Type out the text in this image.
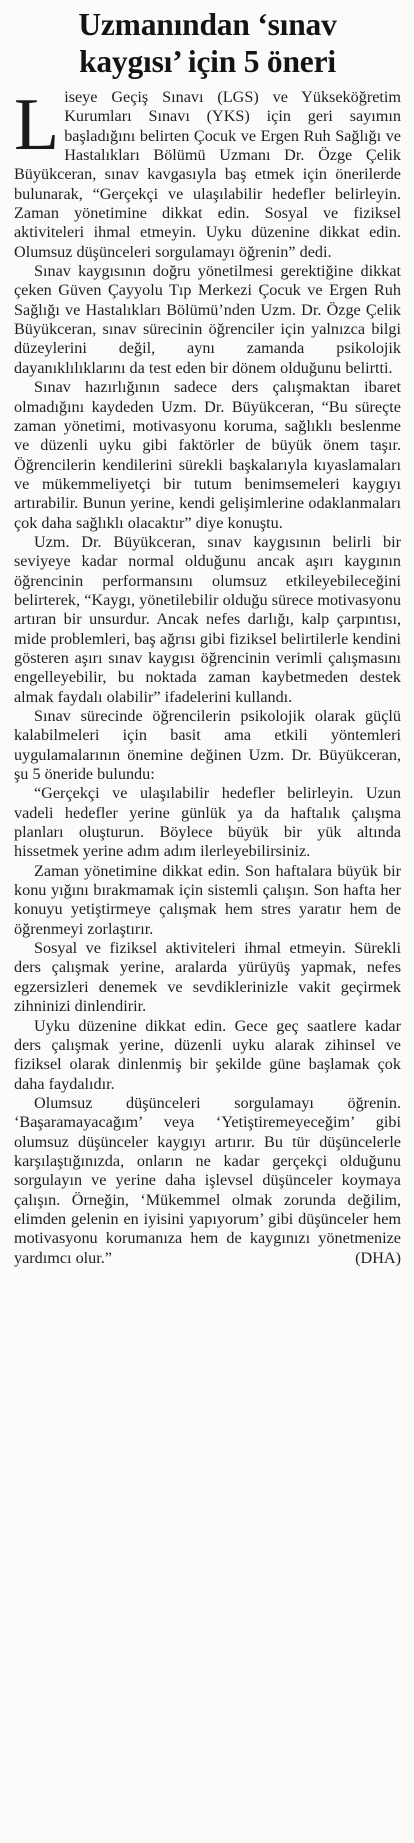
Uzmanından ‘sınav
kaygısı’ için 5 öneri

Liseye Geçiş Sınavı (LGS) ve Yükseköğretim Kurumları Sınavı (YKS) için geri sayımın başladığını belirten Çocuk ve Ergen Ruh Sağlığı ve Hastalıkları Bölümü Uzmanı Dr. Özge Çelik Büyükceran, sınav kavgasıyla baş etmek için önerilerde bulunarak, “Gerçekçi ve ulaşılabilir hedefler belirleyin. Zaman yönetimine dikkat edin. Sosyal ve fiziksel aktiviteleri ihmal etmeyin. Uyku düzenine dikkat edin. Olumsuz düşünceleri sorgulamayı öğrenin” dedi.

Sınav kaygısının doğru yönetilmesi gerektiğine dikkat çeken Güven Çayyolu Tıp Merkezi Çocuk ve Ergen Ruh Sağlığı ve Hastalıkları Bölümü’nden Uzm. Dr. Özge Çelik Büyükceran, sınav sürecinin öğrenciler için yalnızca bilgi düzeylerini değil, aynı zamanda psikolojik dayanıklılıklarını da test eden bir dönem olduğunu belirtti.

Sınav hazırlığının sadece ders çalışmaktan ibaret olmadığını kaydeden Uzm. Dr. Büyükceran, “Bu süreçte zaman yönetimi, motivasyonu koruma, sağlıklı beslenme ve düzenli uyku gibi faktörler de büyük önem taşır. Öğrencilerin kendilerini sürekli başkalarıyla kıyaslamaları ve mükemmeliyetçi bir tutum benimsemeleri kaygıyı artırabilir. Bunun yerine, kendi gelişimlerine odaklanmaları çok daha sağlıklı olacaktır” diye konuştu.

Uzm. Dr. Büyükceran, sınav kaygısının belirli bir seviyeye kadar normal olduğunu ancak aşırı kaygının öğrencinin performansını olumsuz etkileyebileceğini belirterek, “Kaygı, yönetilebilir olduğu sürece motivasyonu artıran bir unsurdur. Ancak nefes darlığı, kalp çarpıntısı, mide problemleri, baş ağrısı gibi fiziksel belirtilerle kendini gösteren aşırı sınav kaygısı öğrencinin verimli çalışmasını engelleyebilir, bu noktada zaman kaybetmeden destek almak faydalı olabilir” ifadelerini kullandı.

Sınav sürecinde öğrencilerin psikolojik olarak güçlü kalabilmeleri için basit ama etkili yöntemleri uygulamalarının önemine değinen Uzm. Dr. Büyükceran, şu 5 öneride bulundu:

“Gerçekçi ve ulaşılabilir hedefler belirleyin. Uzun vadeli hedefler yerine günlük ya da haftalık çalışma planları oluşturun. Böylece büyük bir yük altında hissetmek yerine adım adım ilerleyebilirsiniz.

Zaman yönetimine dikkat edin. Son haftalara büyük bir konu yığını bırakmamak için sistemli çalışın. Son hafta her konuyu yetiştirmeye çalışmak hem stres yaratır hem de öğrenmeyi zorlaştırır.

Sosyal ve fiziksel aktiviteleri ihmal etmeyin. Sürekli ders çalışmak yerine, aralarda yürüyüş yapmak, nefes egzersizleri denemek ve sevdiklerinizle vakit geçirmek zihninizi dinlendirir.

Uyku düzenine dikkat edin. Gece geç saatlere kadar ders çalışmak yerine, düzenli uyku alarak zihinsel ve fiziksel olarak dinlenmiş bir şekilde güne başlamak çok daha faydalıdır.

Olumsuz düşünceleri sorgulamayı öğrenin. ‘Başaramayacağım’ veya ‘Yetiştiremeyeceğim’ gibi olumsuz düşünceler kaygıyı artırır. Bu tür düşüncelerle karşılaştığınızda, onların ne kadar gerçekçi olduğunu sorgulayın ve yerine daha işlevsel düşünceler koymaya çalışın. Örneğin, ‘Mükemmel olmak zorunda değilim, elimden gelenin en iyisini yapıyorum’ gibi düşünceler hem motivasyonu korumanıza hem de kaygınızı yönetmenize yardımcı olur.”	(DHA)
